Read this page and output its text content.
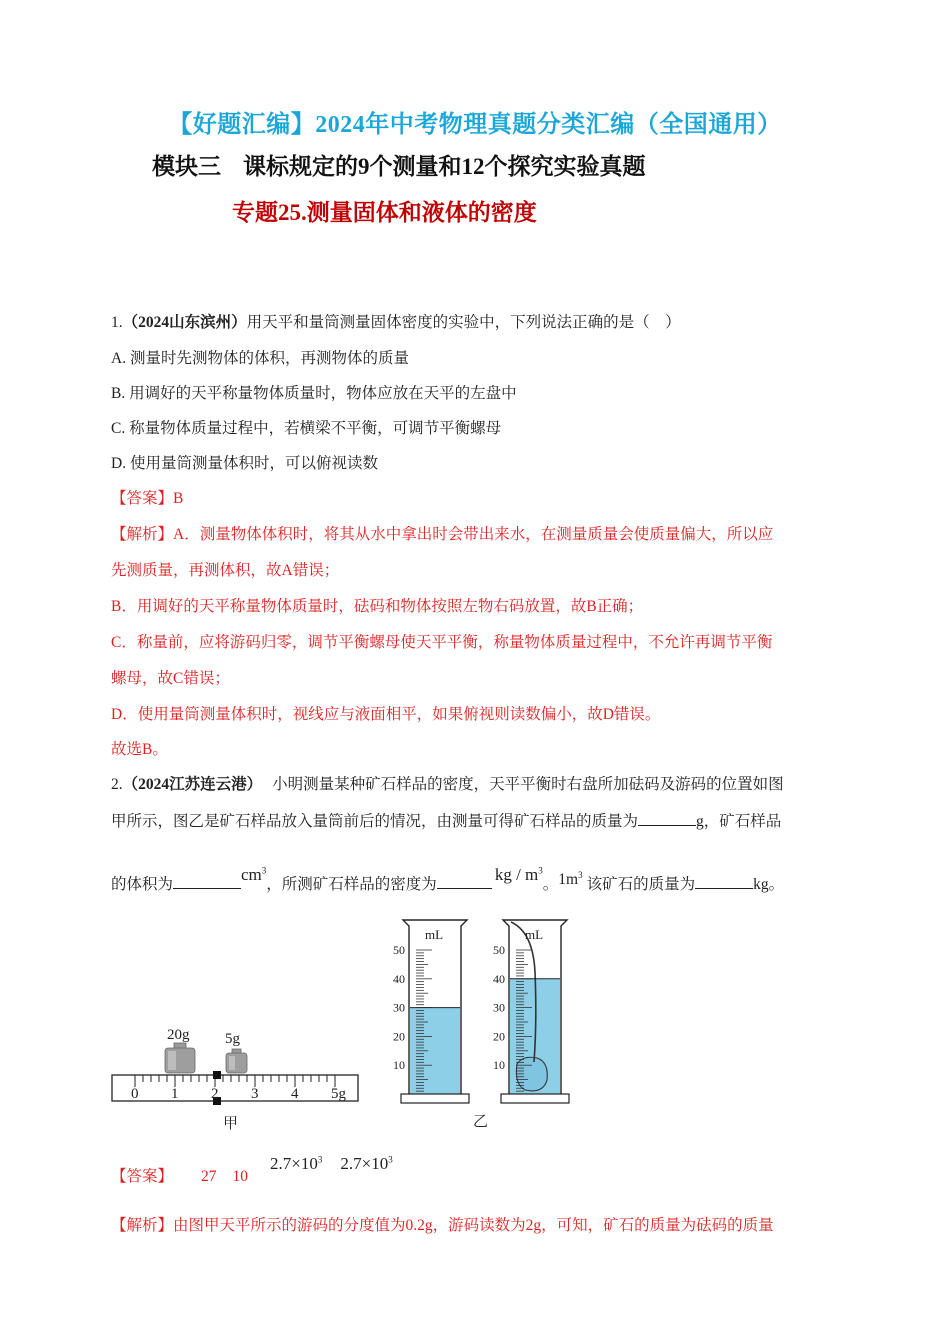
【好题汇编】2024年中考物理真题分类汇编（全国通用）
模块三 课标规定的9个测量和12个探究实验真题
专题25.测量固体和液体的密度
1.（2024山东滨州）用天平和量筒测量固体密度的实验中，下列说法正确的是（　）
A. 测量时先测物体的体积，再测物体的质量
B. 用调好的天平称量物体质量时，物体应放在天平的左盘中
C. 称量物体质量过程中，若横梁不平衡，可调节平衡螺母
D. 使用量筒测量体积时，可以俯视读数
【答案】B
【解析】A．测量物体体积时，将其从水中拿出时会带出来水，在测量质量会使质量偏大，所以应
先测质量，再测体积，故A错误；
B．用调好的天平称量物体质量时，砝码和物体按照左物右码放置，故B正确；
C．称量前，应将游码归零，调节平衡螺母使天平平衡，称量物体质量过程中，不允许再调节平衡
螺母，故C错误；
D．使用量筒测量体积时，视线应与液面相平，如果俯视则读数偏小，故D错误。
故选B。
2.（2024江苏连云港） 小明测量某种矿石样品的密度，天平平衡时右盘所加砝码及游码的位置如图
甲所示，图乙是矿石样品放入量筒前后的情况，由测量可得矿石样品的质量为	g，矿石样品
的体积为$cm^3$，所测矿石样品的密度为kg / $m^3$。$1m^3$该矿石的质量为	kg。
20g 5g
0 1 2 3 4 5g
甲
mL
50
40
30
20
10
mL
50
40
30
20
10
乙
【答案】 27 $102.7\times 10^3$ $2.7\times 10^3$
【解析】由图甲天平所示的游码的分度值为0.2g，游码读数为2g，可知，矿石的质量为砝码的质量
